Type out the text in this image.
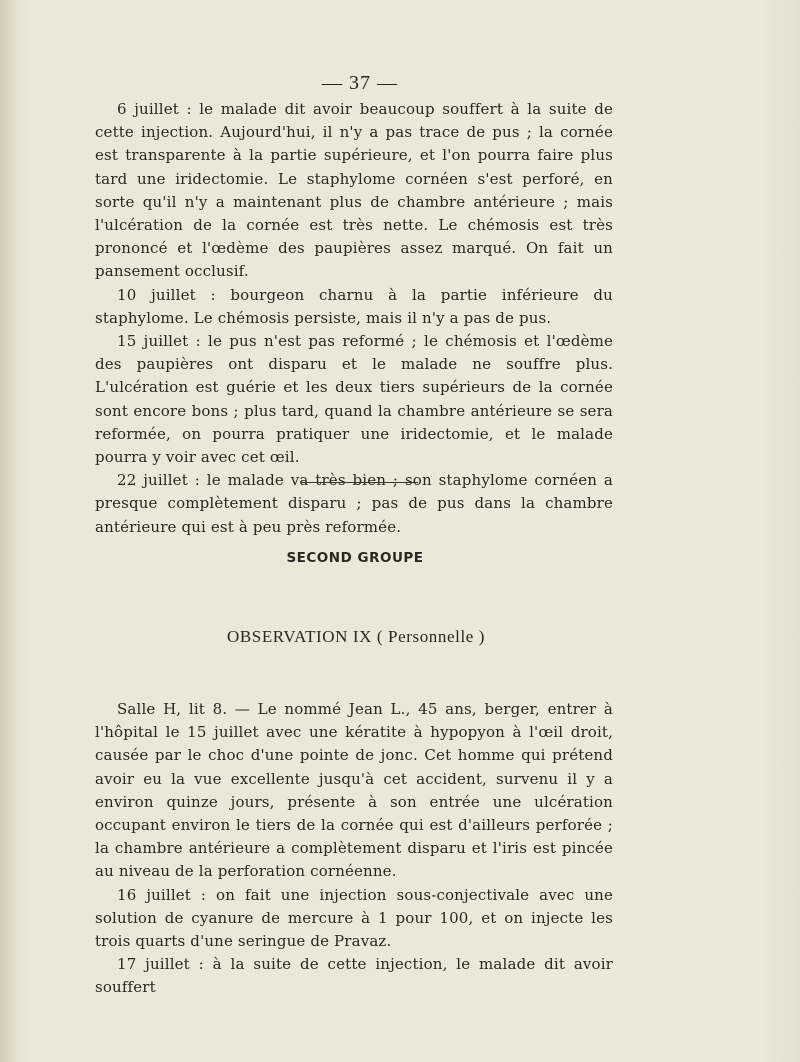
— 37 —

6 juillet : le malade dit avoir beaucoup souffert à la suite de cette injection. Aujourd'hui, il n'y a pas trace de pus ; la cornée est transparente à la partie supérieure, et l'on pourra faire plus tard une iridectomie. Le staphylome cornéen s'est perforé, en sorte qu'il n'y a maintenant plus de chambre antérieure ; mais l'ulcération de la cornée est très nette. Le chémosis est très prononcé et l'œdème des paupières assez marqué. On fait un pansement occlusif.

10 juillet : bourgeon charnu à la partie inférieure du staphylome. Le chémosis persiste, mais il n'y a pas de pus.

15 juillet : le pus n'est pas reformé ; le chémosis et l'œdème des paupières ont disparu et le malade ne souffre plus. L'ulcération est guérie et les deux tiers supérieurs de la cornée sont encore bons ; plus tard, quand la chambre antérieure se sera reformée, on pourra pratiquer une iridectomie, et le malade pourra y voir avec cet œil.

22 juillet : le malade va très bien ; son staphylome cornéen a presque complètement disparu ; pas de pus dans la chambre antérieure qui est à peu près reformée.

SECOND GROUPE
OBSERVATION IX ( Personnelle )

Salle H, lit 8. — Le nommé Jean L., 45 ans, berger, entrer à l'hôpital le 15 juillet avec une kératite à hypopyon à l'œil droit, causée par le choc d'une pointe de jonc. Cet homme qui prétend avoir eu la vue excellente jusqu'à cet accident, survenu il y a environ quinze jours, présente à son entrée une ulcération occupant environ le tiers de la cornée qui est d'ailleurs perforée ; la chambre antérieure a complètement disparu et l'iris est pincée au niveau de la perforation cornéenne.

16 juillet : on fait une injection sous-conjectivale avec une solution de cyanure de mercure à 1 pour 100, et on injecte les trois quarts d'une seringue de Pravaz.

17 juillet : à la suite de cette injection, le malade dit avoir souffert
